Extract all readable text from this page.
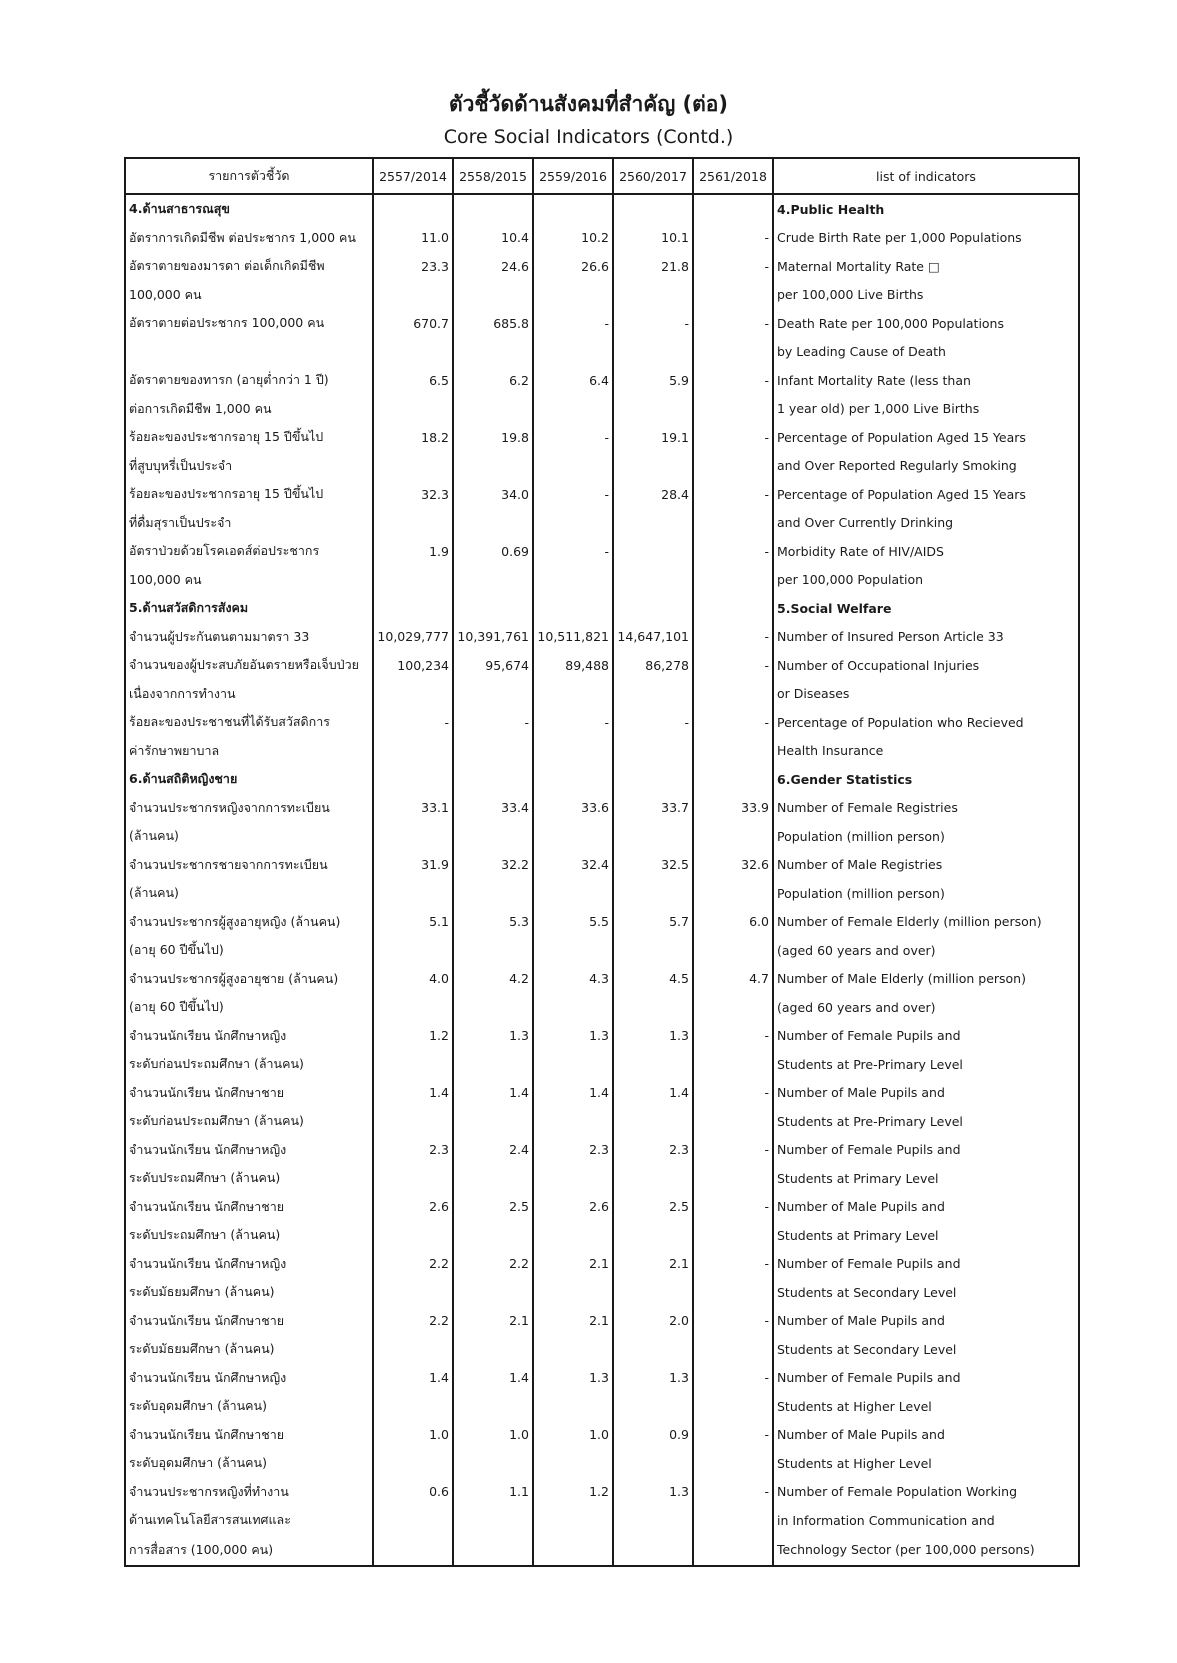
ตัวชี้วัดด้านสังคมที่สำคัญ (ต่อ)
Core Social Indicators (Contd.)
รายการตัวชี้วัด	2557/2014	2558/2015	2559/2016	2560/2017	2561/2018	list of indicators
4.ด้านสาธารณสุข						4.Public Health
อัตราการเกิดมีชีพ ต่อประชากร 1,000 คน	11.0	10.4	10.2	10.1	-	Crude Birth Rate per 1,000 Populations
อัตราตายของมารดา ต่อเด็กเกิดมีชีพ	23.3	24.6	26.6	21.8	-	Maternal Mortality Rate □
100,000 คน						per 100,000 Live Births
อัตราตายต่อประชากร 100,000 คน	670.7	685.8	-	-	-	Death Rate per 100,000 Populations
						by Leading Cause of Death
อัตราตายของทารก (อายุต่ำกว่า 1 ปี)	6.5	6.2	6.4	5.9	-	Infant Mortality Rate (less than
ต่อการเกิดมีชีพ 1,000 คน						1 year old) per 1,000 Live Births
ร้อยละของประชากรอายุ 15 ปีขึ้นไป	18.2	19.8	-	19.1	-	Percentage of Population Aged 15 Years
ที่สูบบุหรี่เป็นประจำ						and Over Reported Regularly Smoking
ร้อยละของประชากรอายุ 15 ปีขึ้นไป	32.3	34.0	-	28.4	-	Percentage of Population Aged 15 Years
ที่ดื่มสุราเป็นประจำ						and Over Currently Drinking
อัตราป่วยด้วยโรคเอดส์ต่อประชากร	1.9	0.69	-		-	Morbidity Rate of HIV/AIDS
100,000 คน						per 100,000 Population
5.ด้านสวัสดิการสังคม						5.Social Welfare
จำนวนผู้ประกันตนตามมาตรา 33	10,029,777	10,391,761	10,511,821	14,647,101	-	Number of Insured Person Article 33
จำนวนของผู้ประสบภัยอันตรายหรือเจ็บป่วย	100,234	95,674	89,488	86,278	-	Number of Occupational Injuries
เนื่องจากการทำงาน						or Diseases
ร้อยละของประชาชนที่ได้รับสวัสดิการ	-	-	-	-	-	Percentage of Population who Recieved
ค่ารักษาพยาบาล						Health Insurance
6.ด้านสถิติหญิงชาย						6.Gender Statistics
จำนวนประชากรหญิงจากการทะเบียน	33.1	33.4	33.6	33.7	33.9	Number of Female Registries
(ล้านคน)						Population (million person)
จำนวนประชากรชายจากการทะเบียน	31.9	32.2	32.4	32.5	32.6	Number of Male Registries
(ล้านคน)						Population (million person)
จำนวนประชากรผู้สูงอายุหญิง (ล้านคน)	5.1	5.3	5.5	5.7	6.0	Number of Female Elderly (million person)
(อายุ 60 ปีขึ้นไป)						(aged 60 years and over)
จำนวนประชากรผู้สูงอายุชาย (ล้านคน)	4.0	4.2	4.3	4.5	4.7	Number of Male Elderly (million person)
(อายุ 60 ปีขึ้นไป)						(aged 60 years and over)
จำนวนนักเรียน นักศึกษาหญิง	1.2	1.3	1.3	1.3	-	Number of Female Pupils and
ระดับก่อนประถมศึกษา (ล้านคน)						Students at Pre-Primary Level
จำนวนนักเรียน นักศึกษาชาย	1.4	1.4	1.4	1.4	-	Number of Male Pupils and
ระดับก่อนประถมศึกษา (ล้านคน)						Students at Pre-Primary Level
จำนวนนักเรียน นักศึกษาหญิง	2.3	2.4	2.3	2.3	-	Number of Female Pupils and
ระดับประถมศึกษา (ล้านคน)						Students at Primary Level
จำนวนนักเรียน นักศึกษาชาย	2.6	2.5	2.6	2.5	-	Number of Male Pupils and
ระดับประถมศึกษา (ล้านคน)						Students at Primary Level
จำนวนนักเรียน นักศึกษาหญิง	2.2	2.2	2.1	2.1	-	Number of Female Pupils and
ระดับมัธยมศึกษา (ล้านคน)						Students at Secondary Level
จำนวนนักเรียน นักศึกษาชาย	2.2	2.1	2.1	2.0	-	Number of Male Pupils and
ระดับมัธยมศึกษา (ล้านคน)						Students at Secondary Level
จำนวนนักเรียน นักศึกษาหญิง	1.4	1.4	1.3	1.3	-	Number of Female Pupils and
ระดับอุดมศึกษา (ล้านคน)						Students at Higher Level
จำนวนนักเรียน นักศึกษาชาย	1.0	1.0	1.0	0.9	-	Number of Male Pupils and
ระดับอุดมศึกษา (ล้านคน)						Students at Higher Level
จำนวนประชากรหญิงที่ทำงาน	0.6	1.1	1.2	1.3	-	Number of Female Population Working
ด้านเทคโนโลยีสารสนเทศและ						in Information Communication and
การสื่อสาร (100,000 คน)						Technology Sector (per 100,000 persons)
